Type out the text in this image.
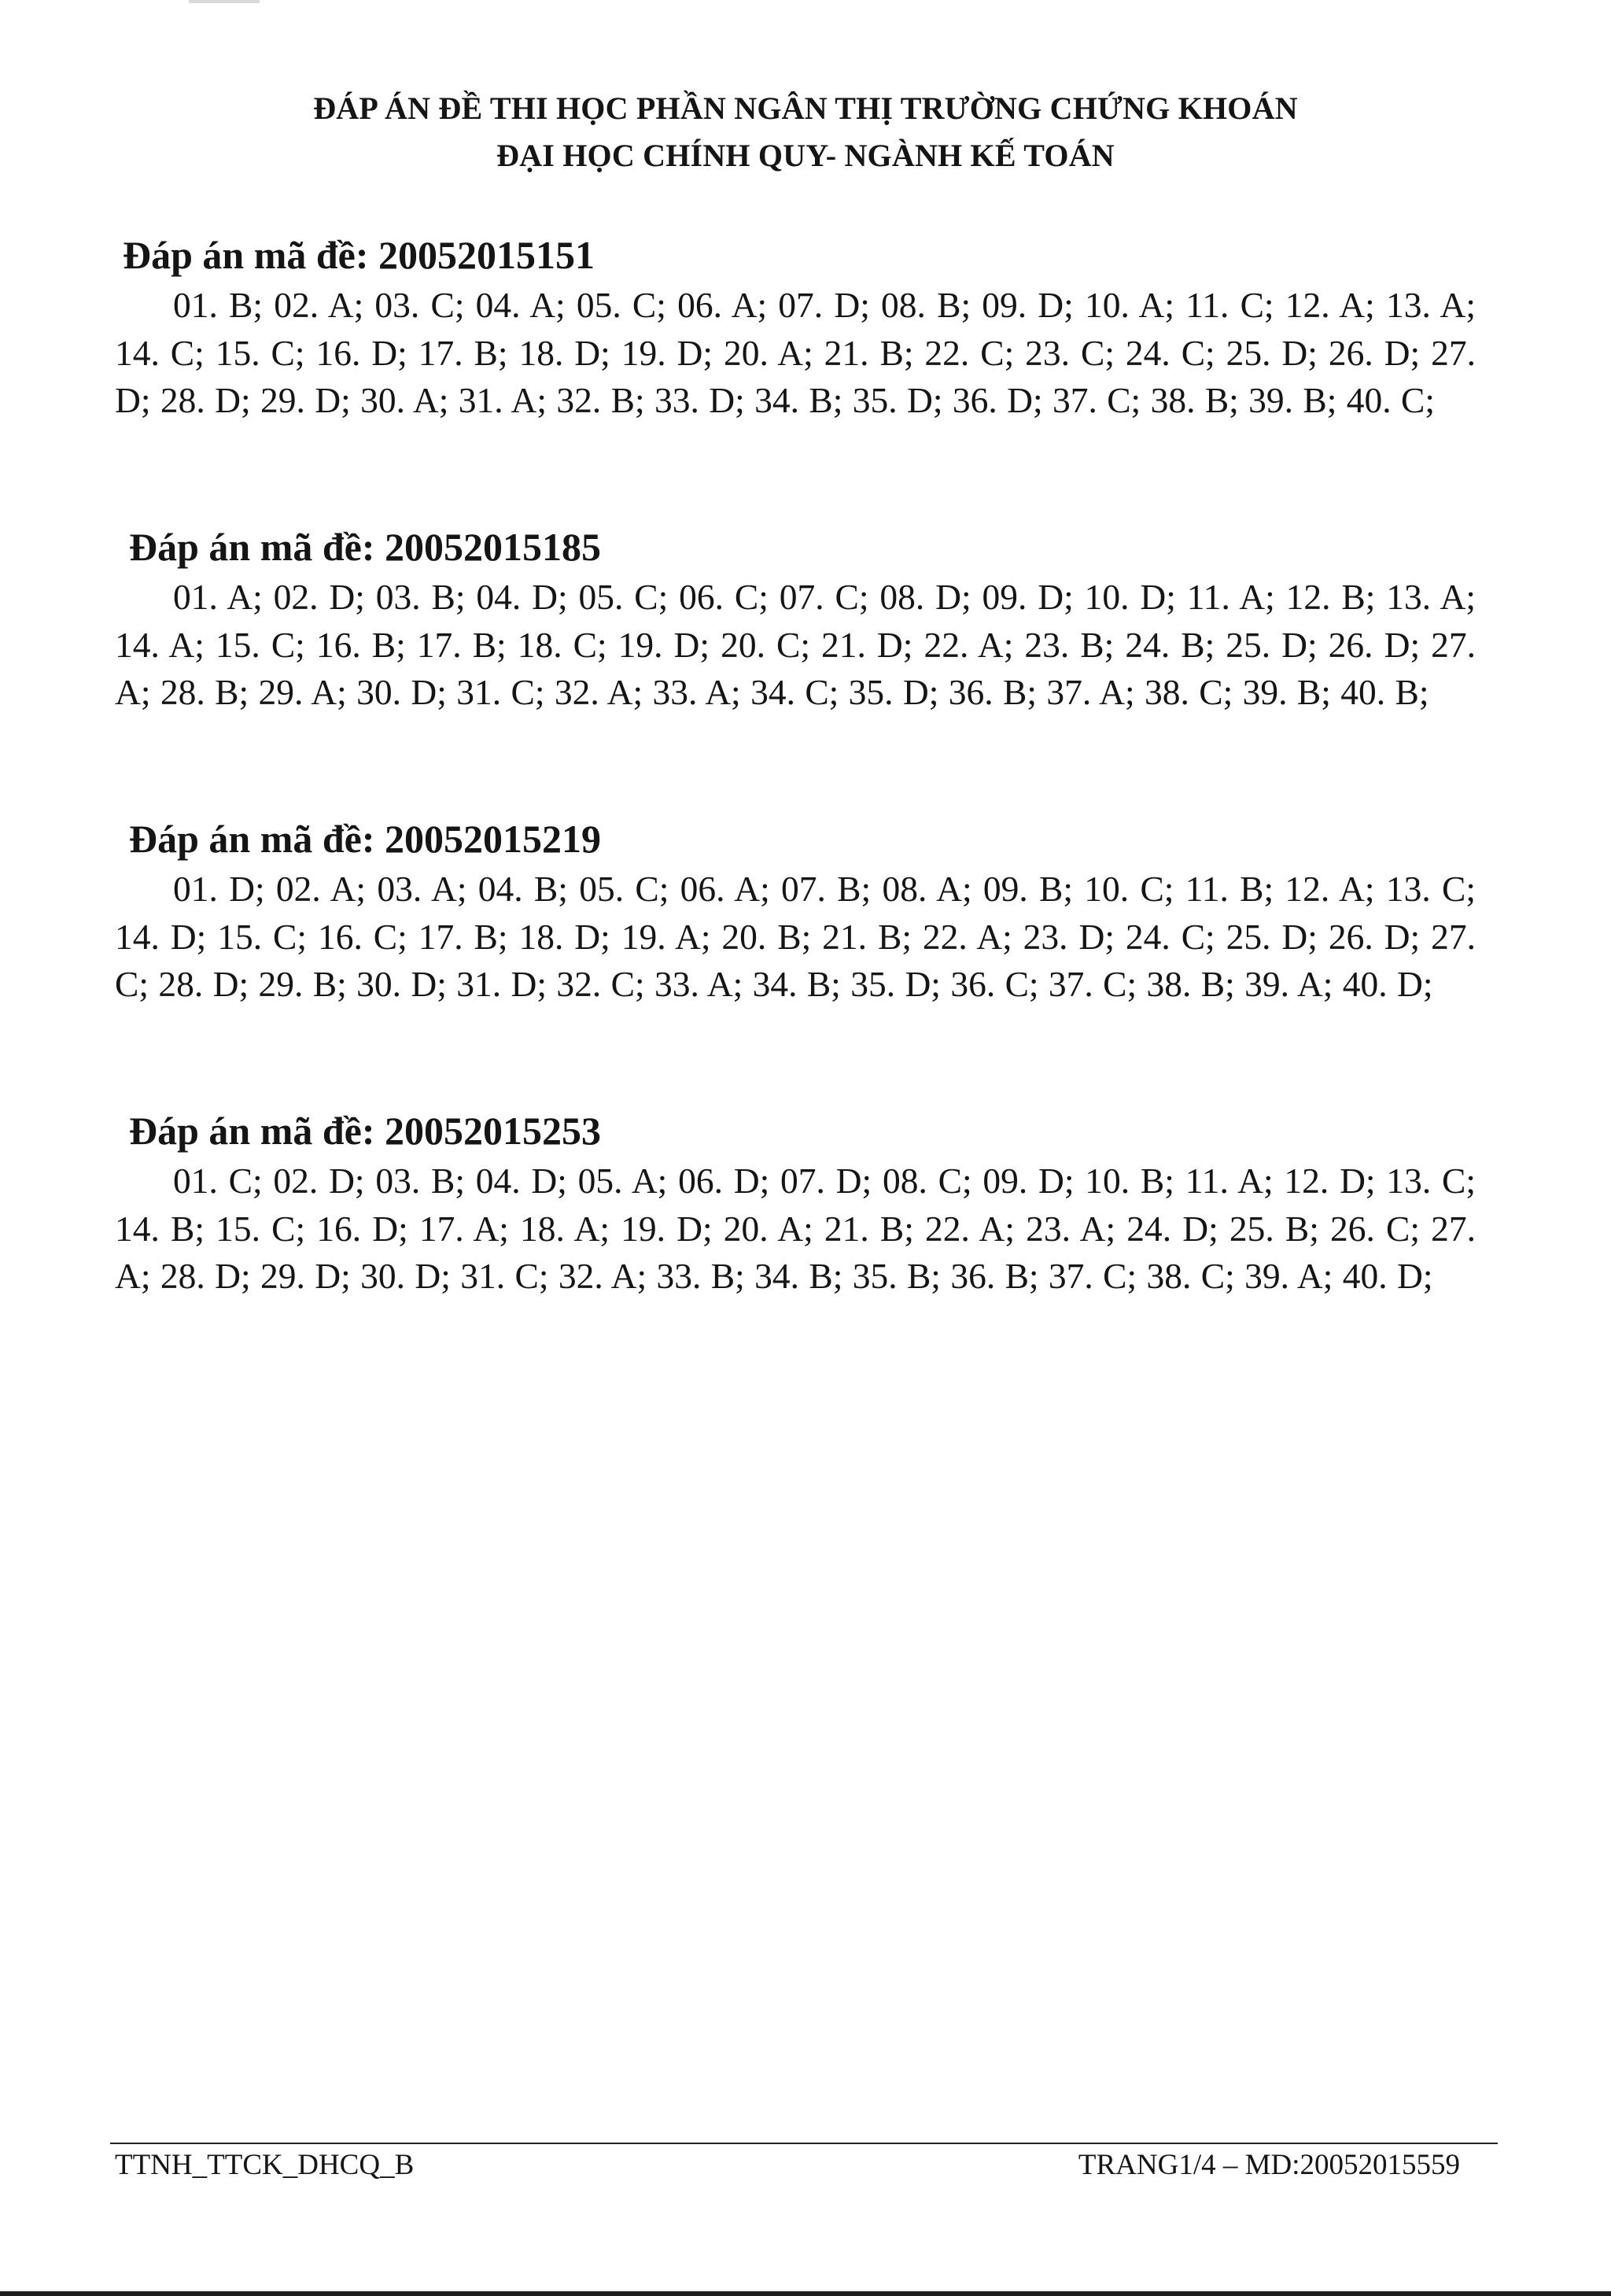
ĐÁP ÁN ĐỀ THI HỌC PHẦN NGÂN THỊ TRƯỜNG CHỨNG KHOÁN
ĐẠI HỌC CHÍNH QUY- NGÀNH KẾ TOÁN
Đáp án mã đề: 20052015151
01. B; 02. A; 03. C; 04. A; 05. C; 06. A; 07. D; 08. B; 09. D; 10. A; 11. C; 12. A; 13. A; 14. C; 15. C; 16. D; 17. B; 18. D; 19. D; 20. A; 21. B; 22. C; 23. C; 24. C; 25. D; 26. D; 27. D; 28. D; 29. D; 30. A; 31. A; 32. B; 33. D; 34. B; 35. D; 36. D; 37. C; 38. B; 39. B; 40. C;
Đáp án mã đề: 20052015185
01. A; 02. D; 03. B; 04. D; 05. C; 06. C; 07. C; 08. D; 09. D; 10. D; 11. A; 12. B; 13. A; 14. A; 15. C; 16. B; 17. B; 18. C; 19. D; 20. C; 21. D; 22. A; 23. B; 24. B; 25. D; 26. D; 27. A; 28. B; 29. A; 30. D; 31. C; 32. A; 33. A; 34. C; 35. D; 36. B; 37. A; 38. C; 39. B; 40. B;
Đáp án mã đề: 20052015219
01. D; 02. A; 03. A; 04. B; 05. C; 06. A; 07. B; 08. A; 09. B; 10. C; 11. B; 12. A; 13. C; 14. D; 15. C; 16. C; 17. B; 18. D; 19. A; 20. B; 21. B; 22. A; 23. D; 24. C; 25. D; 26. D; 27. C; 28. D; 29. B; 30. D; 31. D; 32. C; 33. A; 34. B; 35. D; 36. C; 37. C; 38. B; 39. A; 40. D;
Đáp án mã đề: 20052015253
01. C; 02. D; 03. B; 04. D; 05. A; 06. D; 07. D; 08. C; 09. D; 10. B; 11. A; 12. D; 13. C; 14. B; 15. C; 16. D; 17. A; 18. A; 19. D; 20. A; 21. B; 22. A; 23. A; 24. D; 25. B; 26. C; 27. A; 28. D; 29. D; 30. D; 31. C; 32. A; 33. B; 34. B; 35. B; 36. B; 37. C; 38. C; 39. A; 40. D;
TTNH_TTCK_DHCQ_B	TRANG1/4 – MD:20052015559
